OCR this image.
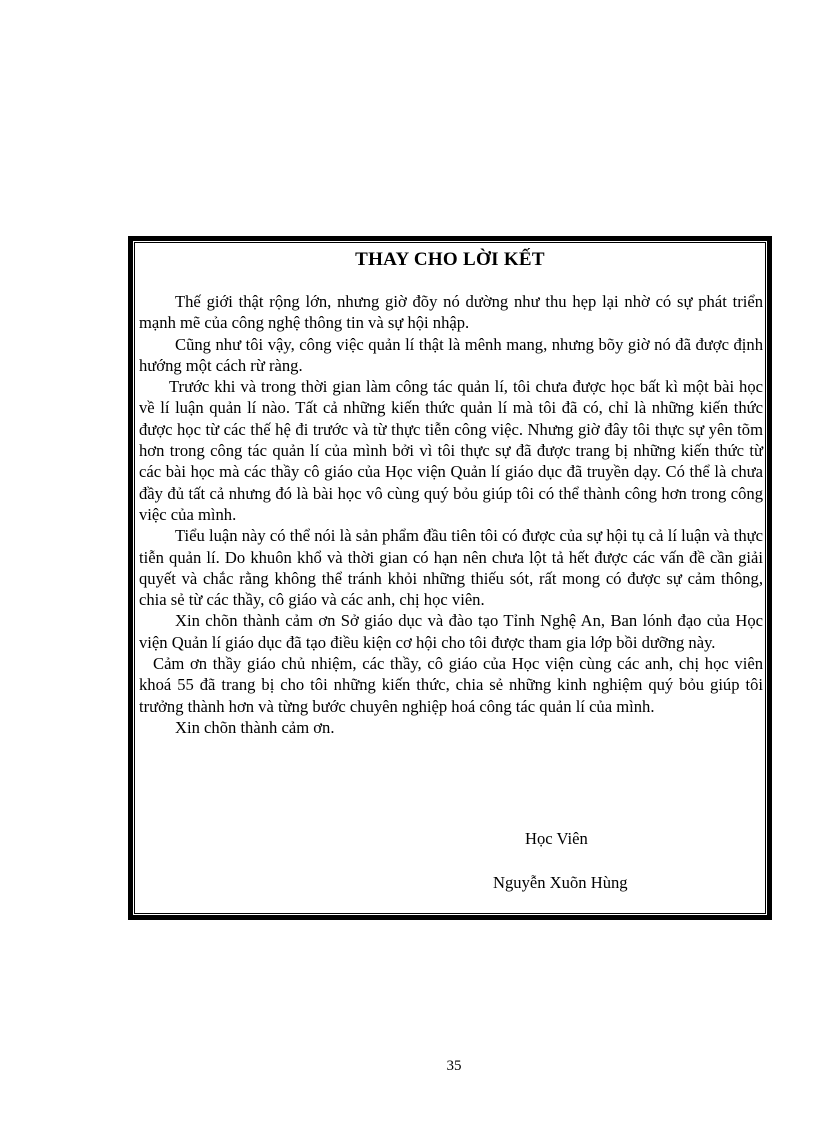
THAY CHO LỜI KẾT

Thế giới thật rộng lớn, nhưng giờ đõy nó dường như thu hẹp lại nhờ có sự phát triển mạnh mẽ của công nghệ thông tin và sự hội nhập.

Cũng như tôi vậy, công việc quản lí thật là mênh mang, nhưng bõy giờ nó đã được định hướng một cách rừ ràng.

Trước khi và trong thời gian làm công tác quản lí, tôi chưa được học bất kì một bài học về lí luận quản lí nào. Tất cả những kiến thức quản lí mà tôi đã có, chỉ là những kiến thức được học từ các thế hệ đi trước và từ thực tiễn công việc. Nhưng giờ đây tôi thực sự yên tõm hơn trong công tác quản lí của mình bởi vì tôi thực sự đã được trang bị những kiến thức từ các bài học mà các thầy cô giáo của Học viện Quản lí giáo dục đã truyền dạy. Có thể là chưa đầy đủ tất cả nhưng đó là bài học vô cùng quý bỏu giúp tôi có thể thành công hơn trong công việc của mình.

Tiểu luận này có thể nói là sản phẩm đầu tiên tôi có được của sự hội tụ cả lí luận và thực tiễn quản lí. Do khuôn khổ và thời gian có hạn nên chưa lột tả hết được các vấn đề cần giải quyết và chắc rằng không thể tránh khỏi những thiếu sót, rất mong có được sự cảm thông, chia sẻ từ các thầy, cô giáo và các anh, chị học viên.

Xin chõn thành cảm ơn Sở giáo dục và đào tạo Tỉnh Nghệ An, Ban lónh đạo của Học viện Quản lí giáo dục đã tạo điều kiện cơ hội cho tôi được tham gia lớp bồi dưỡng này.

Cảm ơn thầy giáo chủ nhiệm, các thầy, cô giáo của Học viện cùng các anh, chị học viên khoá 55 đã trang bị cho tôi những kiến thức, chia sẻ những kinh nghiệm quý bỏu giúp tôi trưởng thành hơn và từng bước chuyên nghiệp hoá công tác quản lí của mình.

Xin chõn thành cảm ơn.

Học Viên
Nguyễn Xuõn Hùng
35
